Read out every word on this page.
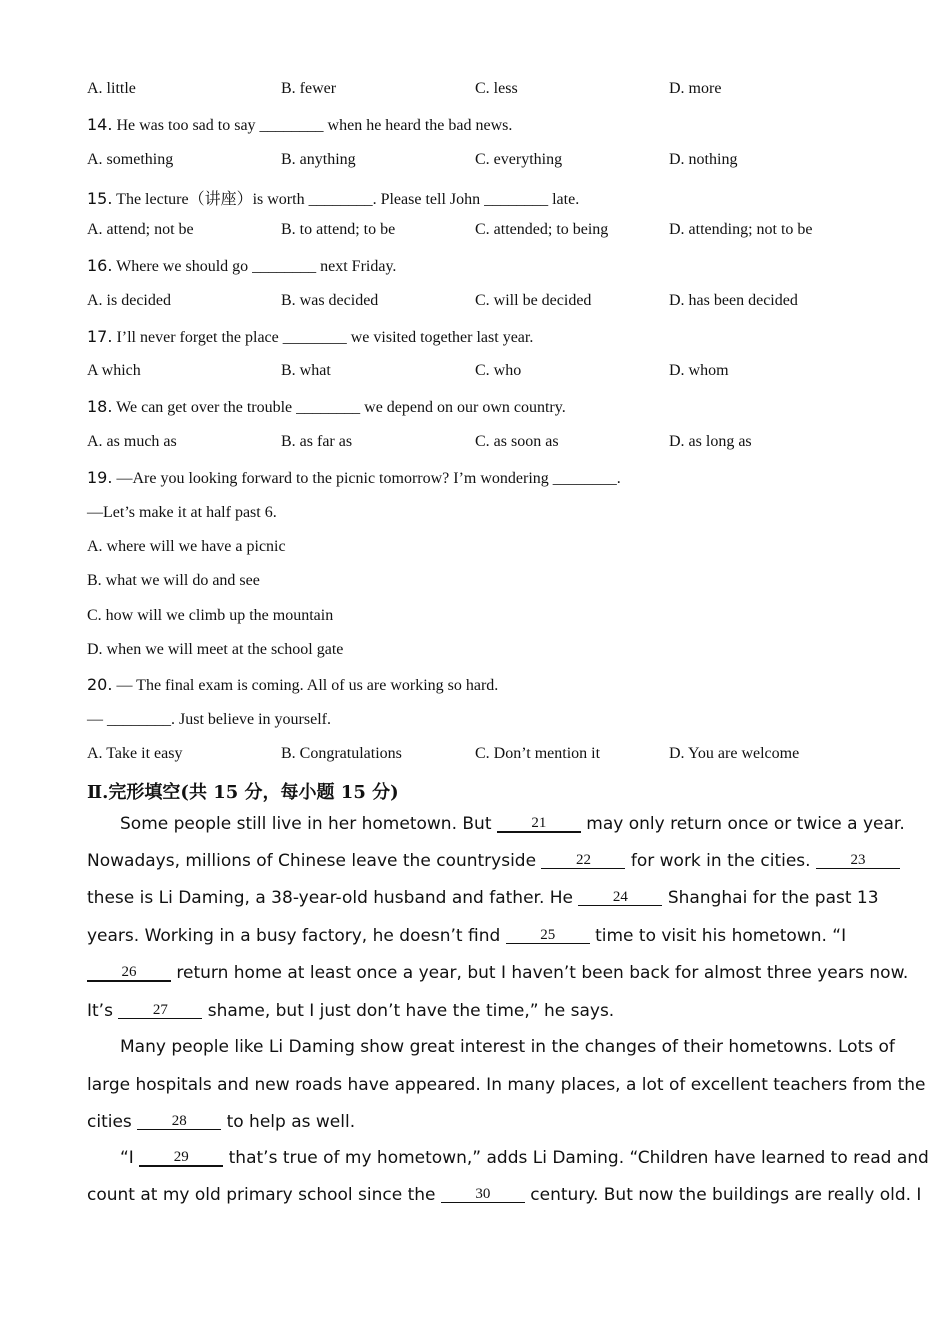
A. little	B. fewer	C. less	D. more
14. He was too sad to say ________ when he heard the bad news.
A. something	B. anything	C. everything	D. nothing
15. The lecture（讲座）is worth ________. Please tell John ________ late.
A. attend; not be	B. to attend; to be	C. attended; to being	D. attending; not to be
16. Where we should go ________ next Friday.
A. is decided	B. was decided	C. will be decided	D. has been decided
17. I’ll never forget the place ________ we visited together last year.
A which	B. what	C. who	D. whom
18. We can get over the trouble ________ we depend on our own country.
A. as much as	B. as far as	C. as soon as	D. as long as
19. —Are you looking forward to the picnic tomorrow? I’m wondering ________.
—Let’s make it at half past 6.
A. where will we have a picnic
B. what we will do and see
C. how will we climb up the mountain
D. when we will meet at the school gate
20. — The final exam is coming. All of us are working so hard.
— ________. Just believe in yourself.
A. Take it easy	B. Congratulations	C. Don’t mention it	D. You are welcome
Ⅱ.完形填空(共 15 分，每小题 15 分)
Some people still live in her hometown. But 21 may only return once or twice a year.
Nowadays, millions of Chinese leave the countryside 22 for work in the cities. 23
these is Li Daming, a 38-year-old husband and father. He 24 Shanghai for the past 13
years. Working in a busy factory, he doesn’t find 25 time to visit his hometown. “I
26 return home at least once a year, but I haven’t been back for almost three years now.
It’s 27 shame, but I just don’t have the time,” he says.
Many people like Li Daming show great interest in the changes of their hometowns. Lots of
large hospitals and new roads have appeared. In many places, a lot of excellent teachers from the
cities 28 to help as well.
“I 29 that’s true of my hometown,” adds Li Daming. “Children have learned to read and
count at my old primary school since the 30 century. But now the buildings are really old. I
